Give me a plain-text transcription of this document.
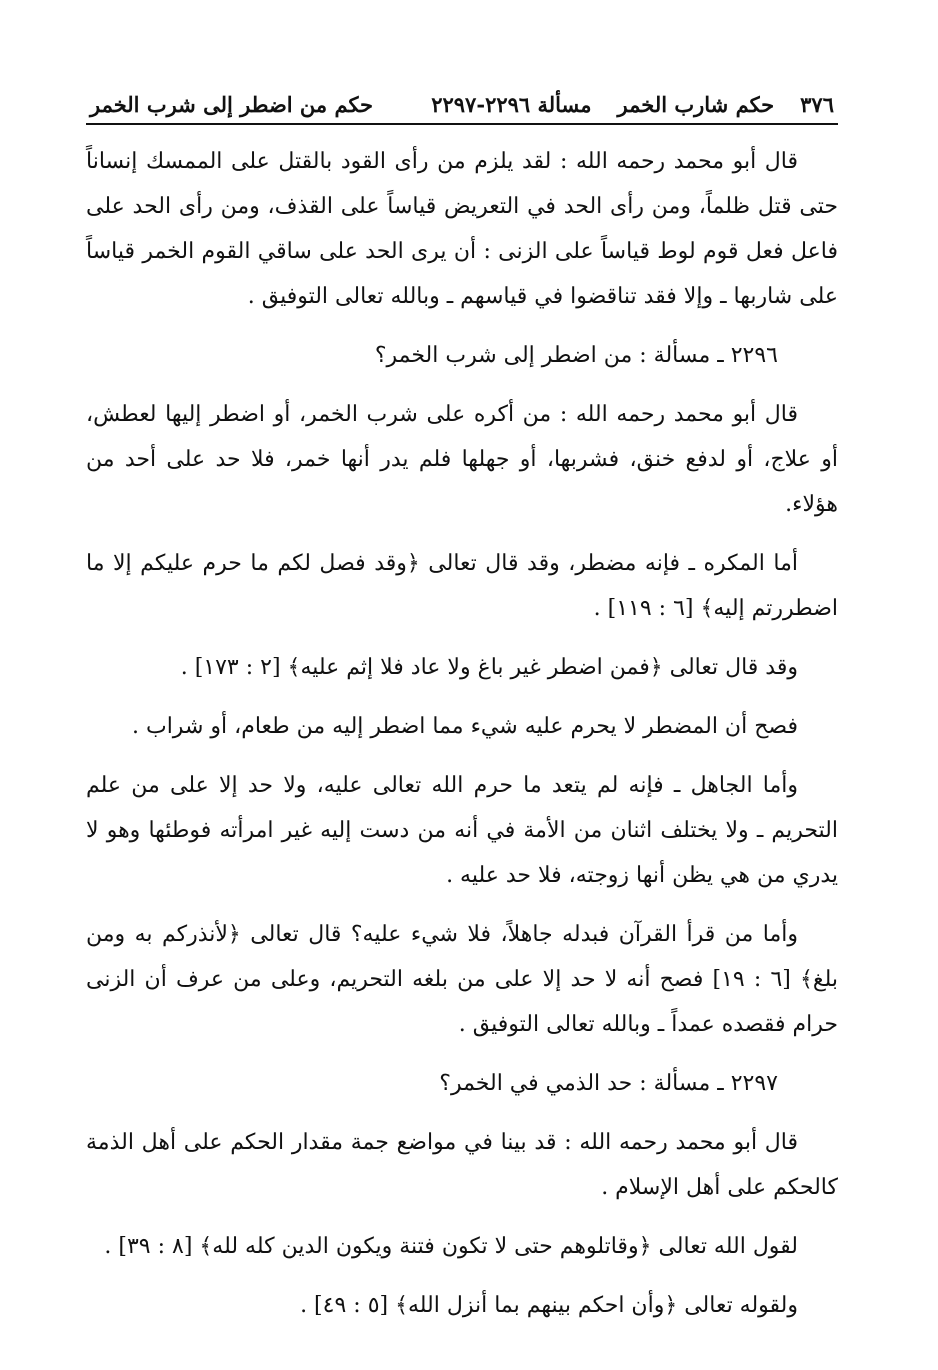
٣٧٦
حكم شارب الخمر
مسألة ٢٢٩٦-٢٢٩٧
حكم من اضطر إلى شرب الخمر

قال أبو محمد رحمه الله : لقد يلزم من رأى القود بالقتل على الممسك إنساناً حتى قتل ظلماً، ومن رأى الحد في التعريض قياساً على القذف، ومن رأى الحد على فاعل فعل قوم لوط قياساً على الزنى : أن يرى الحد على ساقي القوم الخمر قياساً على شاربها ـ وإلا فقد تناقضوا في قياسهم ـ وبالله تعالى التوفيق .

٢٢٩٦ ـ مسألة : من اضطر إلى شرب الخمر؟

قال أبو محمد رحمه الله : من أكره على شرب الخمر، أو اضطر إليها لعطش، أو علاج، أو لدفع خنق، فشربها، أو جهلها فلم يدر أنها خمر، فلا حد على أحد من هؤلاء.

أما المكره ـ فإنه مضطر، وقد قال تعالى ﴿وقد فصل لكم ما حرم عليكم إلا ما اضطررتم إليه﴾ [٦ : ١١٩] .

وقد قال تعالى ﴿فمن اضطر غير باغ ولا عاد فلا إثم عليه﴾ [٢ : ١٧٣] .

فصح أن المضطر لا يحرم عليه شيء مما اضطر إليه من طعام، أو شراب .

وأما الجاهل ـ فإنه لم يتعد ما حرم الله تعالى عليه، ولا حد إلا على من علم التحريم ـ ولا يختلف اثنان من الأمة في أنه من دست إليه غير امرأته فوطئها وهو لا يدري من هي يظن أنها زوجته، فلا حد عليه .

وأما من قرأ القرآن فبدله جاهلاً، فلا شيء عليه؟ قال تعالى ﴿لأنذركم به ومن بلغ﴾ [٦ : ١٩] فصح أنه لا حد إلا على من بلغه التحريم، وعلى من عرف أن الزنى حرام فقصده عمداً ـ وبالله تعالى التوفيق .

٢٢٩٧ ـ مسألة : حد الذمي في الخمر؟

قال أبو محمد رحمه الله : قد بينا في مواضع جمة مقدار الحكم على أهل الذمة كالحكم على أهل الإسلام .

لقول الله تعالى ﴿وقاتلوهم حتى لا تكون فتنة ويكون الدين كله لله﴾ [٨ : ٣٩] .

ولقوله تعالى ﴿وأن احكم بينهم بما أنزل الله﴾ [٥ : ٤٩] .
